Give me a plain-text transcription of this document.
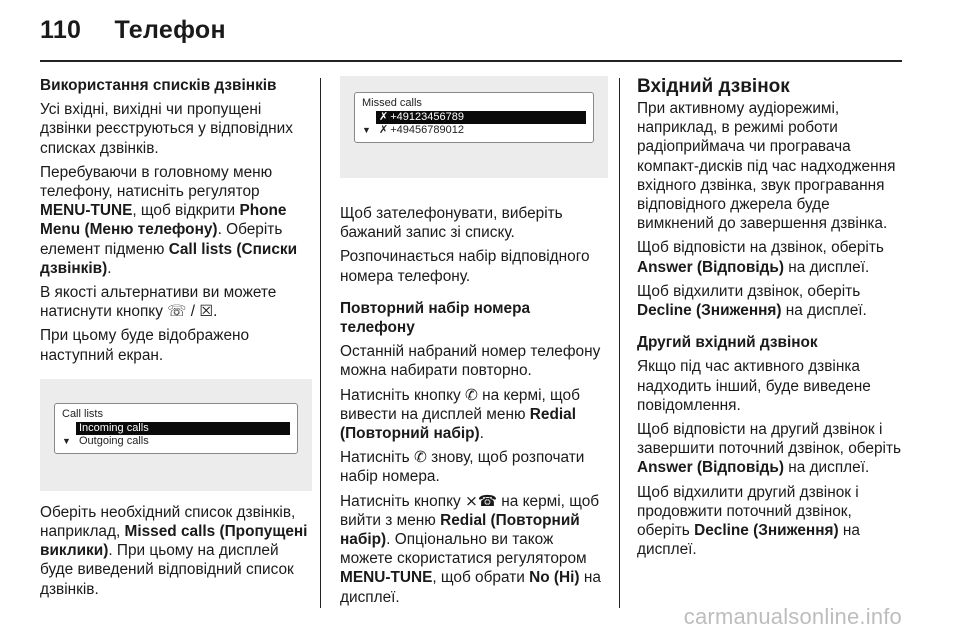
110 Телефон

Використання списків дзвінків

Усі вхідні, вихідні чи пропущені дзвінки реєструються у відповідних списках дзвінків.

Перебуваючи в головному меню телефону, натисніть регулятор MENU-TUNE, щоб відкрити Phone Menu (Меню телефону). Оберіть елемент підменю Call lists (Списки дзвінків).

В якості альтернативи ви можете натиснути кнопку ☏ / ☒.

При цьому буде відображено наступний екран.

Call lists
Incoming calls
▼ Outgoing calls

Оберіть необхідний список дзвінків, наприклад, Missed calls (Пропущені виклики). При цьому на дисплей буде виведений відповідний список дзвінків.

Missed calls
✗ +49123456789
▼ ✗ +49456789012

Щоб зателефонувати, виберіть бажаний запис зі списку.

Розпочинається набір відповідного номера телефону.

Повторний набір номера телефону

Останній набраний номер телефону можна набирати повторно.

Натисніть кнопку ✆ на кермі, щоб вивести на дисплей меню Redial (Повторний набір).

Натисніть ✆ знову, щоб розпочати набір номера.

Натисніть кнопку ⨯☎ на кермі, щоб вийти з меню Redial (Повторний набір). Опціонально ви також можете скористатися регулятором MENU-TUNE, щоб обрати No (Ні) на дисплеї.

Вхідний дзвінок

При активному аудіорежимі, наприклад, в режимі роботи радіоприймача чи програвача компакт-дисків під час надходження вхідного дзвінка, звук програвання відповідного джерела буде вимкнений до завершення дзвінка.

Щоб відповісти на дзвінок, оберіть Answer (Відповідь) на дисплеї.

Щоб відхилити дзвінок, оберіть Decline (Зниження) на дисплеї.

Другий вхідний дзвінок

Якщо під час активного дзвінка надходить інший, буде виведене повідомлення.

Щоб відповісти на другий дзвінок і завершити поточний дзвінок, оберіть Answer (Відповідь) на дисплеї.

Щоб відхилити другий дзвінок і продовжити поточний дзвінок, оберіть Decline (Зниження) на дисплеї.

carmanualsonline.info
